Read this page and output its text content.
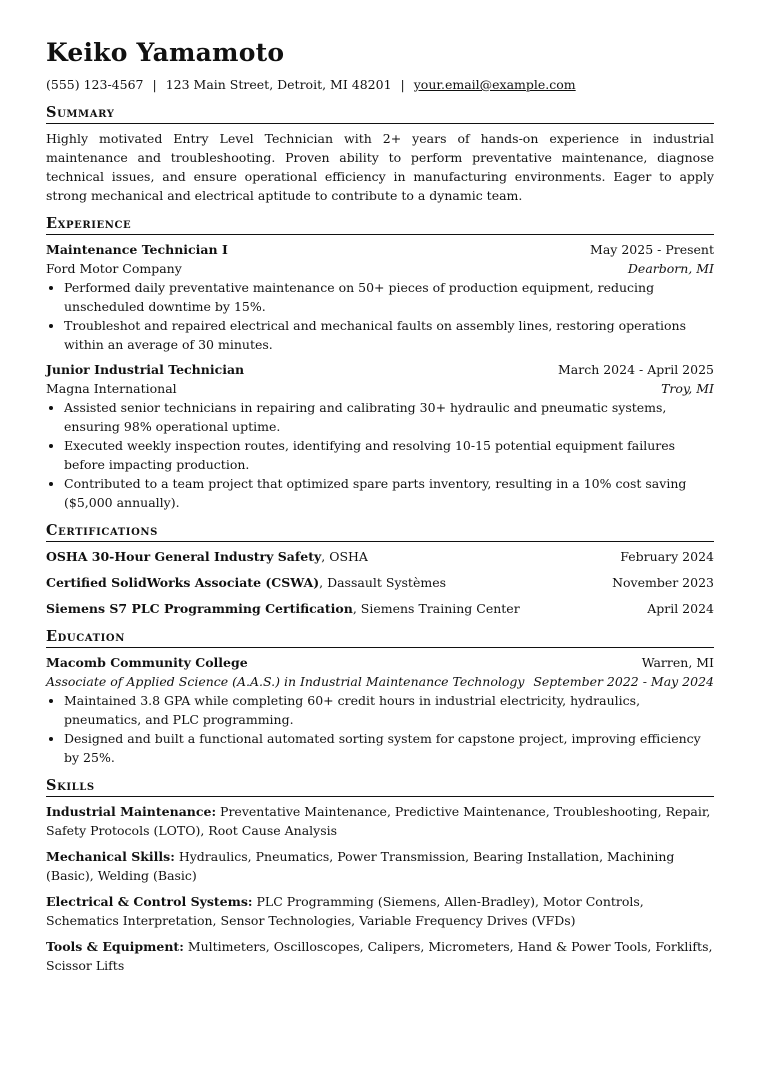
Keiko Yamamoto
(555) 123-4567 | 123 Main Street, Detroit, MI 48201 | your.email@example.com
Summary
Highly motivated Entry Level Technician with 2+ years of hands-on experience in industrial maintenance and troubleshooting. Proven ability to perform preventative maintenance, diagnose technical issues, and ensure operational efficiency in manufacturing environments. Eager to apply strong mechanical and electrical aptitude to contribute to a dynamic team.
Experience
Maintenance Technician I	May 2025 - Present
Ford Motor Company	Dearborn, MI
• Performed daily preventative maintenance on 50+ pieces of production equipment, reducing unscheduled downtime by 15%.
• Troubleshot and repaired electrical and mechanical faults on assembly lines, restoring operations within an average of 30 minutes.
Junior Industrial Technician	March 2024 - April 2025
Magna International	Troy, MI
• Assisted senior technicians in repairing and calibrating 30+ hydraulic and pneumatic systems, ensuring 98% operational uptime.
• Executed weekly inspection routes, identifying and resolving 10-15 potential equipment failures before impacting production.
• Contributed to a team project that optimized spare parts inventory, resulting in a 10% cost saving ($5,000 annually).
Certifications
OSHA 30-Hour General Industry Safety, OSHA	February 2024
Certified SolidWorks Associate (CSWA), Dassault Systèmes	November 2023
Siemens S7 PLC Programming Certification, Siemens Training Center	April 2024
Education
Macomb Community College	Warren, MI
Associate of Applied Science (A.A.S.) in Industrial Maintenance Technology September 2022 - May 2024
• Maintained 3.8 GPA while completing 60+ credit hours in industrial electricity, hydraulics, pneumatics, and PLC programming.
• Designed and built a functional automated sorting system for capstone project, improving efficiency by 25%.
Skills
Industrial Maintenance: Preventative Maintenance, Predictive Maintenance, Troubleshooting, Repair, Safety Protocols (LOTO), Root Cause Analysis
Mechanical Skills: Hydraulics, Pneumatics, Power Transmission, Bearing Installation, Machining (Basic), Welding (Basic)
Electrical & Control Systems: PLC Programming (Siemens, Allen-Bradley), Motor Controls, Schematics Interpretation, Sensor Technologies, Variable Frequency Drives (VFDs)
Tools & Equipment: Multimeters, Oscilloscopes, Calipers, Micrometers, Hand & Power Tools, Forklifts, Scissor Lifts
